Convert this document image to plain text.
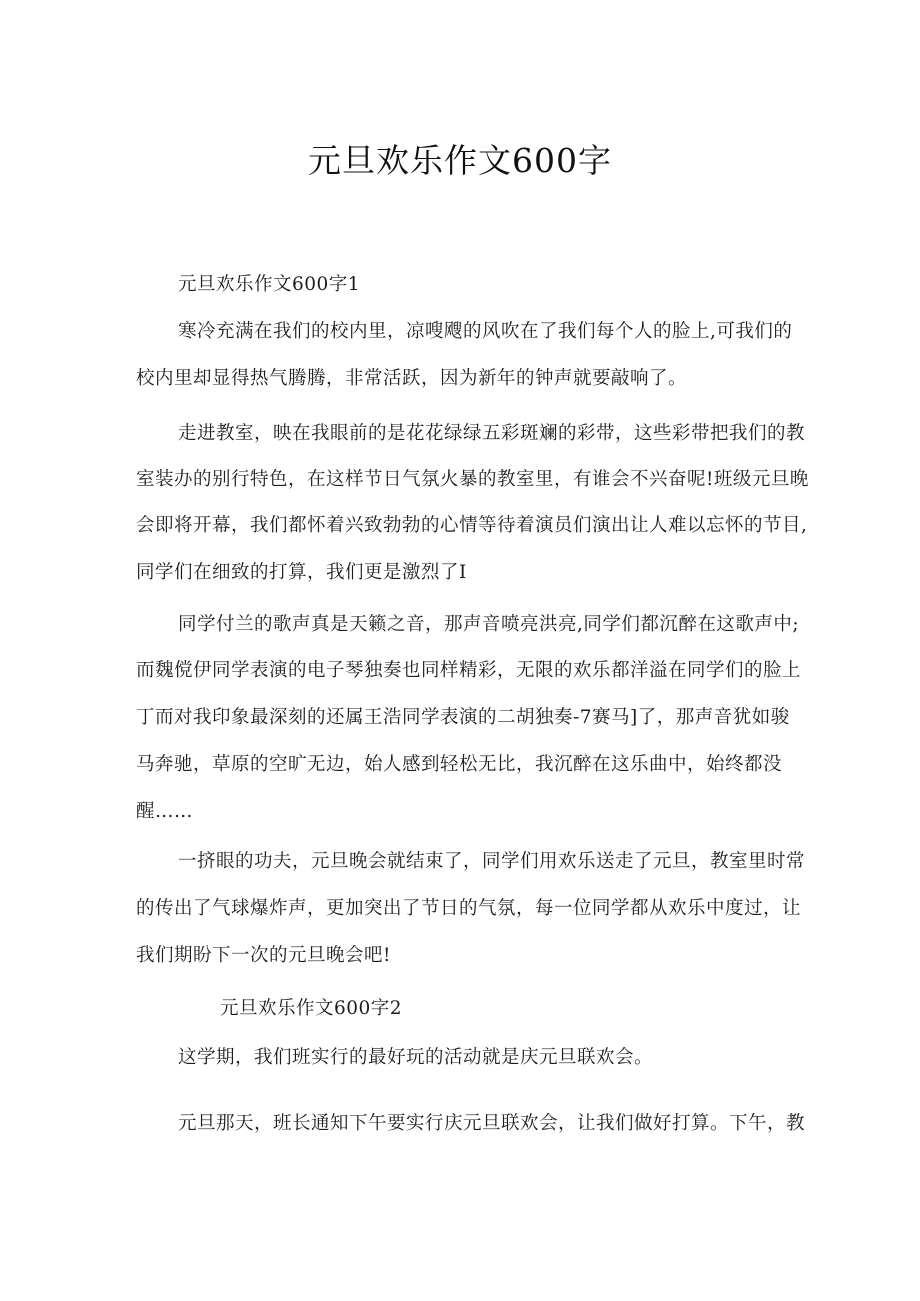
元旦欢乐作文600字
元旦欢乐作文600字1
寒冷充满在我们的校内里，凉嗖飕的风吹在了我们每个人的脸上,可我们的
校内里却显得热气腾腾，非常活跃，因为新年的钟声就要敲响了。
走进教室，映在我眼前的是花花绿绿五彩斑斓的彩带，这些彩带把我们的教
室装办的别行特色，在这样节日气氛火暴的教室里，有谁会不兴奋呢!班级元旦晚
会即将开幕，我们都怀着兴致勃勃的心情等待着演员们演出让人难以忘怀的节目,
同学们在细致的打算，我们更是激烈了I
同学付兰的歌声真是天籁之音，那声音喷亮洪亮,同学们都沉醉在这歌声中;
而魏傥伊同学表演的电子琴独奏也同样精彩，无限的欢乐都洋溢在同学们的脸上
丁而对我印象最深刻的还属王浩同学表演的二胡独奏-7赛马]了，那声音犹如骏
马奔驰，草原的空旷无边，始人感到轻松无比，我沉醉在这乐曲中，始终都没
醒……
一挤眼的功夫，元旦晚会就结束了，同学们用欢乐送走了元旦，教室里时常
的传出了气球爆炸声，更加突出了节日的气氛，每一位同学都从欢乐中度过，让
我们期盼下一次的元旦晚会吧!
元旦欢乐作文600字2
这学期，我们班实行的最好玩的活动就是庆元旦联欢会。
元旦那天，班长通知下午要实行庆元旦联欢会，让我们做好打算。下午，教
